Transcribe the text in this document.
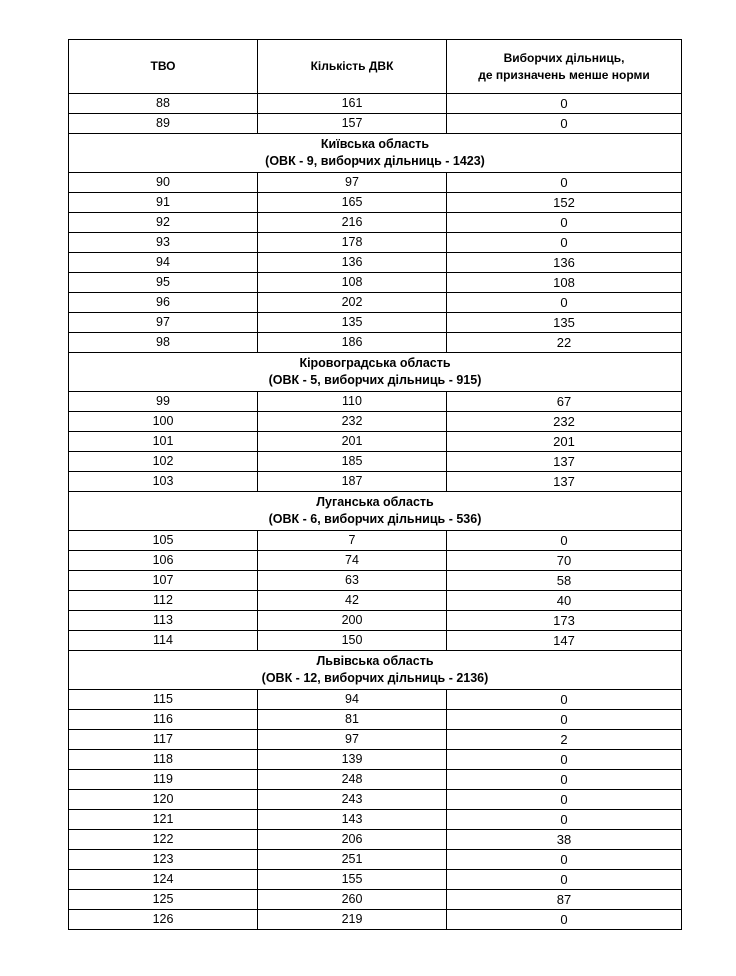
ТВО	Кількість ДВК	Виборчих дільниць,
де призначень менше норми

88	161	0
89	157	0

Київська область
(ОВК - 9, виборчих дільниць - 1423)		

90	97	0
91	165	152
92	216	0
93	178	0
94	136	136
95	108	108
96	202	0
97	135	135
98	186	22

Кіровоградська область
(ОВК - 5, виборчих дільниць - 915)		

99	110	67
100	232	232
101	201	201
102	185	137
103	187	137

Луганська область
(ОВК - 6, виборчих дільниць - 536)		

105	7	0
106	74	70
107	63	58
112	42	40
113	200	173
114	150	147

Львівська область
(ОВК - 12, виборчих дільниць - 2136)		

115	94	0
116	81	0
117	97	2
118	139	0
119	248	0
120	243	0
121	143	0
122	206	38
123	251	0
124	155	0
125	260	87
126	219	0
